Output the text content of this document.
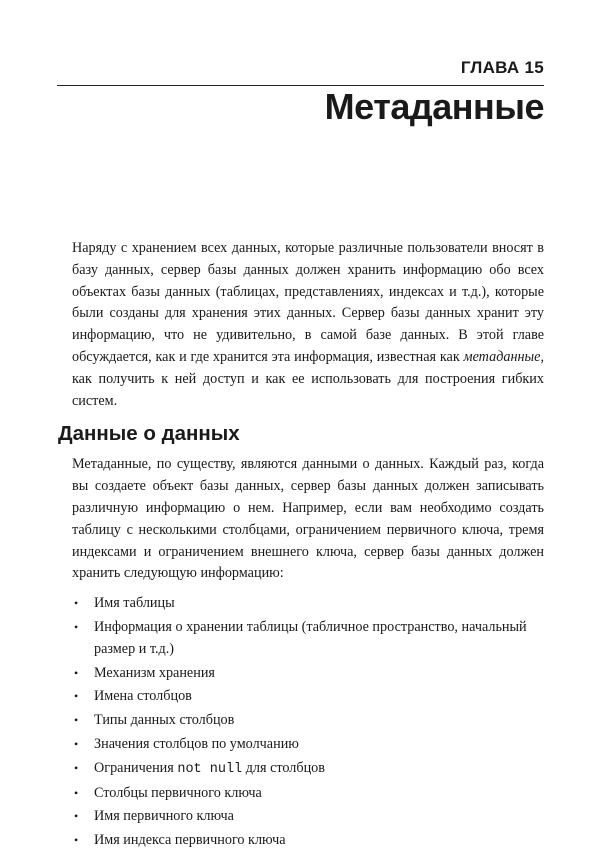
ГЛАВА 15
Метаданные

Наряду с хранением всех данных, которые различные пользователи вносят в базу данных, сервер базы данных должен хранить информацию обо всех объектах базы данных (таблицах, представлениях, индексах и т.д.), которые были созданы для хранения этих данных. Сервер базы данных хранит эту информацию, что не удивительно, в самой базе данных. В этой главе обсуждается, как и где хранится эта информация, известная как метаданные, как получить к ней доступ и как ее использовать для построения гибких систем.

Данные о данных

Метаданные, по существу, являются данными о данных. Каждый раз, когда вы создаете объект базы данных, сервер базы данных должен записывать различную информацию о нем. Например, если вам необходимо создать таблицу с несколькими столбцами, ограничением первичного ключа, тремя индексами и ограничением внешнего ключа, сервер базы данных должен хранить следующую информацию:

• Имя таблицы
• Информация о хранении таблицы (табличное пространство, начальный размер и т.д.)
• Механизм хранения
• Имена столбцов
• Типы данных столбцов
• Значения столбцов по умолчанию
• Ограничения not null для столбцов
• Столбцы первичного ключа
• Имя первичного ключа
• Имя индекса первичного ключа
